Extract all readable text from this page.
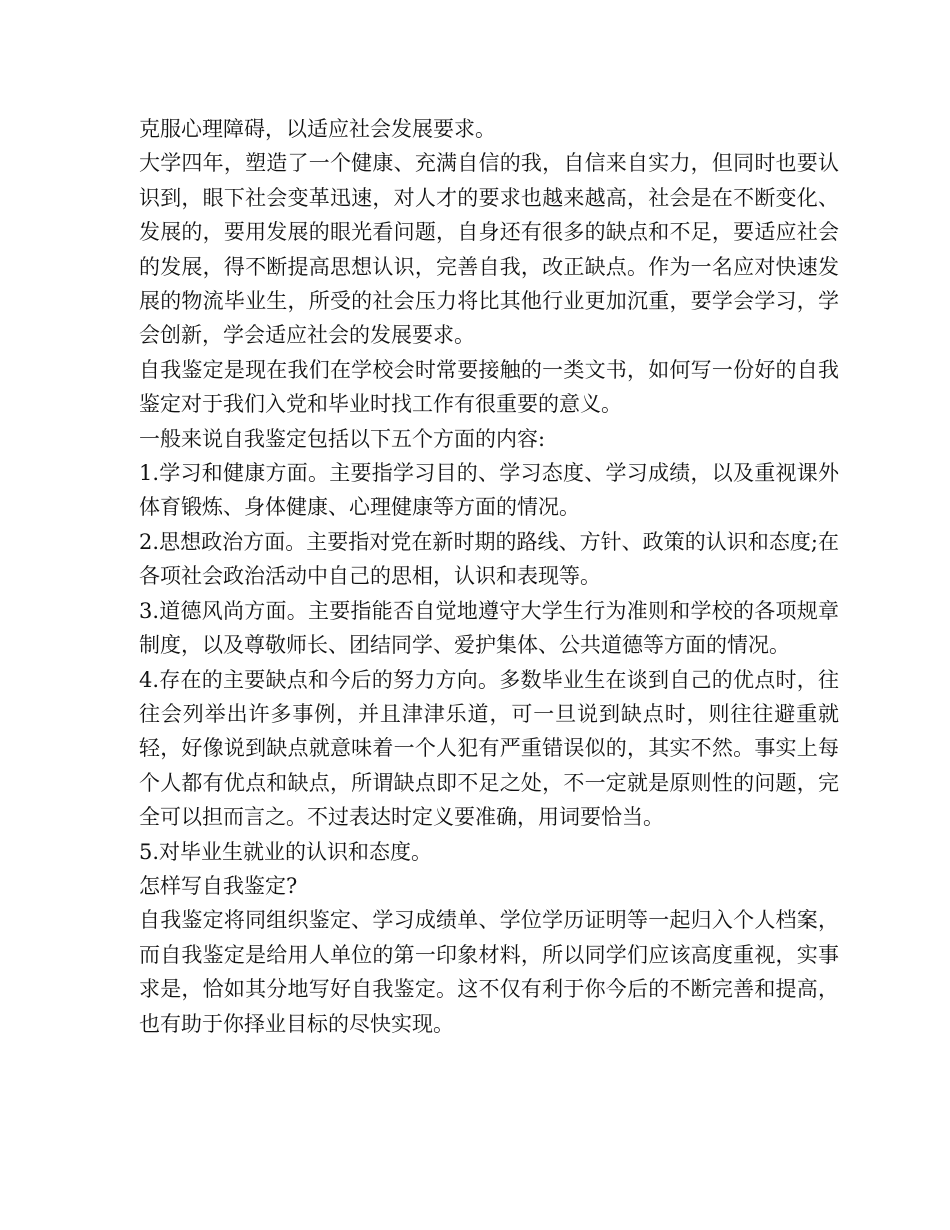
克服心理障碍，以适应社会发展要求。

大学四年，塑造了一个健康、充满自信的我，自信来自实力，但同时也要认识到，眼下社会变革迅速，对人才的要求也越来越高，社会是在不断变化、发展的，要用发展的眼光看问题，自身还有很多的缺点和不足，要适应社会的发展，得不断提高思想认识，完善自我，改正缺点。作为一名应对快速发展的物流毕业生，所受的社会压力将比其他行业更加沉重，要学会学习，学会创新，学会适应社会的发展要求。

自我鉴定是现在我们在学校会时常要接触的一类文书，如何写一份好的自我鉴定对于我们入党和毕业时找工作有很重要的意义。

一般来说自我鉴定包括以下五个方面的内容:

1.学习和健康方面。主要指学习目的、学习态度、学习成绩，以及重视课外体育锻炼、身体健康、心理健康等方面的情况。

2.思想政治方面。主要指对党在新时期的路线、方针、政策的认识和态度;在各项社会政治活动中自己的思相，认识和表现等。

3.道德风尚方面。主要指能否自觉地遵守大学生行为准则和学校的各项规章制度，以及尊敬师长、团结同学、爱护集体、公共道德等方面的情况。

4.存在的主要缺点和今后的努力方向。多数毕业生在谈到自己的优点时，往往会列举出许多事例，并且津津乐道，可一旦说到缺点时，则往往避重就轻，好像说到缺点就意味着一个人犯有严重错误似的，其实不然。事实上每个人都有优点和缺点，所谓缺点即不足之处，不一定就是原则性的问题，完全可以担而言之。不过表达时定义要准确，用词要恰当。

5.对毕业生就业的认识和态度。

怎样写自我鉴定?

自我鉴定将同组织鉴定、学习成绩单、学位学历证明等一起归入个人档案，而自我鉴定是给用人单位的第一印象材料，所以同学们应该高度重视，实事求是，恰如其分地写好自我鉴定。这不仅有利于你今后的不断完善和提高，也有助于你择业目标的尽快实现。
